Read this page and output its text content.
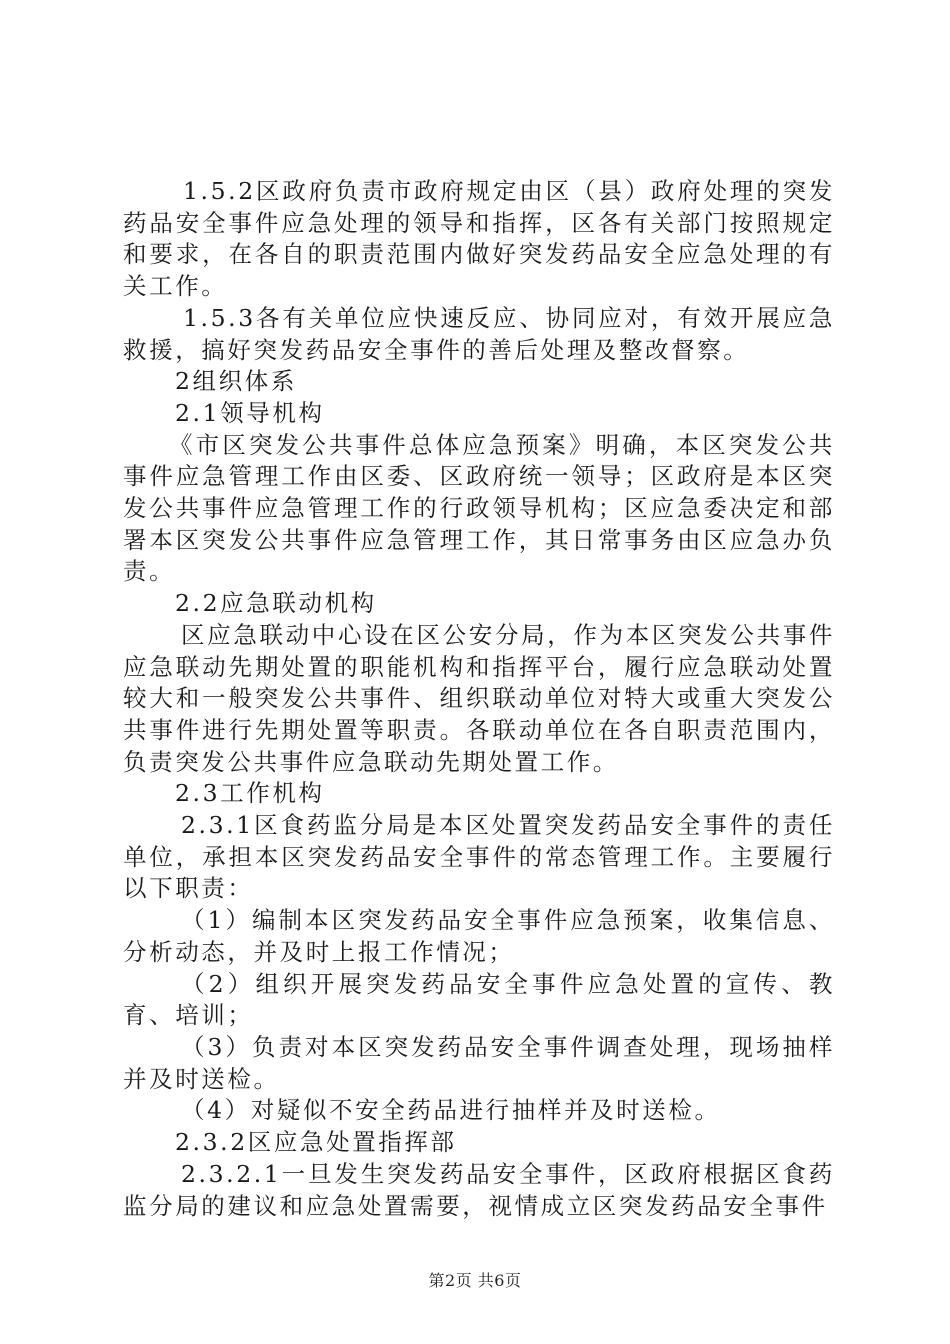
1.5.2区政府负责市政府规定由区（县）政府处理的突发药品安全事件应急处理的领导和指挥，区各有关部门按照规定和要求，在各自的职责范围内做好突发药品安全应急处理的有关工作。

1.5.3各有关单位应快速反应、协同应对，有效开展应急救援，搞好突发药品安全事件的善后处理及整改督察。

2组织体系

2.1领导机构

《市区突发公共事件总体应急预案》明确，本区突发公共事件应急管理工作由区委、区政府统一领导；区政府是本区突发公共事件应急管理工作的行政领导机构；区应急委决定和部署本区突发公共事件应急管理工作，其日常事务由区应急办负责。

2.2应急联动机构

区应急联动中心设在区公安分局，作为本区突发公共事件应急联动先期处置的职能机构和指挥平台，履行应急联动处置较大和一般突发公共事件、组织联动单位对特大或重大突发公共事件进行先期处置等职责。各联动单位在各自职责范围内，负责突发公共事件应急联动先期处置工作。

2.3工作机构

2.3.1区食药监分局是本区处置突发药品安全事件的责任单位，承担本区突发药品安全事件的常态管理工作。主要履行以下职责：

（1）编制本区突发药品安全事件应急预案，收集信息、分析动态，并及时上报工作情况；

（2）组织开展突发药品安全事件应急处置的宣传、教育、培训；

（3）负责对本区突发药品安全事件调查处理，现场抽样并及时送检。

（4）对疑似不安全药品进行抽样并及时送检。

2.3.2区应急处置指挥部

2.3.2.1一旦发生突发药品安全事件，区政府根据区食药监分局的建议和应急处置需要，视情成立区突发药品安全事件

第2页 共6页
